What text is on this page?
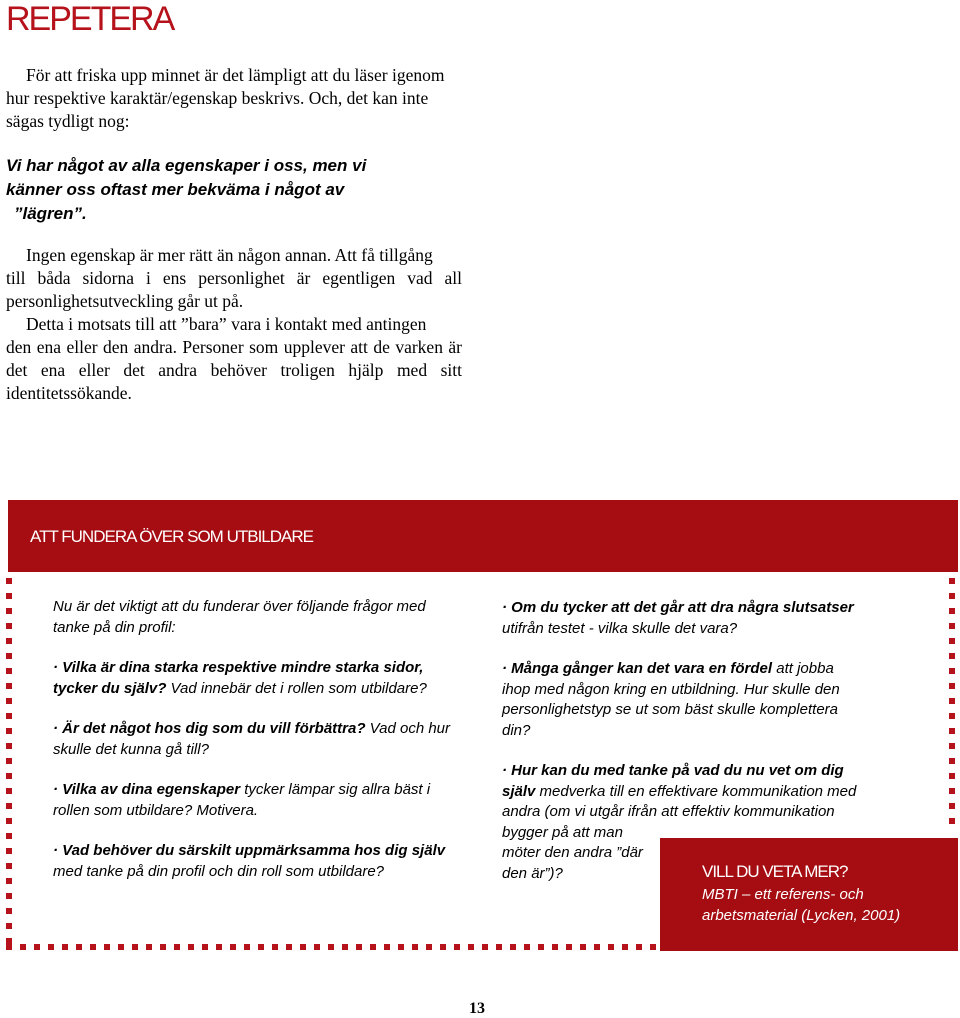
REPETERA
För att friska upp minnet är det lämpligt att du läser igenom
hur respektive karaktär/egenskap beskrivs. Och, det kan inte
sägas tydligt nog:
Vi har något av alla egenskaper i oss, men vi
känner oss oftast mer bekväma i något av
”lägren”.
Ingen egenskap är mer rätt än någon annan. Att få tillgång
till båda sidorna i ens personlighet är egentligen vad all personlighetsutveckling går ut på.
Detta i motsats till att ”bara” vara i kontakt med antingen
den ena eller den andra. Personer som upplever att de varken är det ena eller det andra behöver troligen hjälp med sitt identitetssökande.
ATT FUNDERA ÖVER SOM UTBILDARE

Nu är det viktigt att du funderar över följande frågor med tanke på din profil:

· Vilka är dina starka respektive mindre starka sidor, tycker du själv? Vad innebär det i rollen som utbildare?

· Är det något hos dig som du vill förbättra? Vad och hur skulle det kunna gå till?

· Vilka av dina egenskaper tycker lämpar sig allra bäst i rollen som utbildare? Motivera.

· Vad behöver du särskilt uppmärksamma hos dig själv med tanke på din profil och din roll som utbildare?

· Om du tycker att det går att dra några slutsatser utifrån testet - vilka skulle det vara?

· Många gånger kan det vara en fördel att jobba ihop med någon kring en utbildning. Hur skulle den personlighetstyp se ut som bäst skulle komplettera din?

· Hur kan du med tanke på vad du nu vet om dig själv medverka till en effektivare kommunikation med andra (om vi utgår ifrån att effektiv kommunikation

bygger på att man möter den andra ”där den är”)?	VILL DU VETA MER?
MBTI – ett referens- och
arbetsmaterial (Lycken, 2001)
13
